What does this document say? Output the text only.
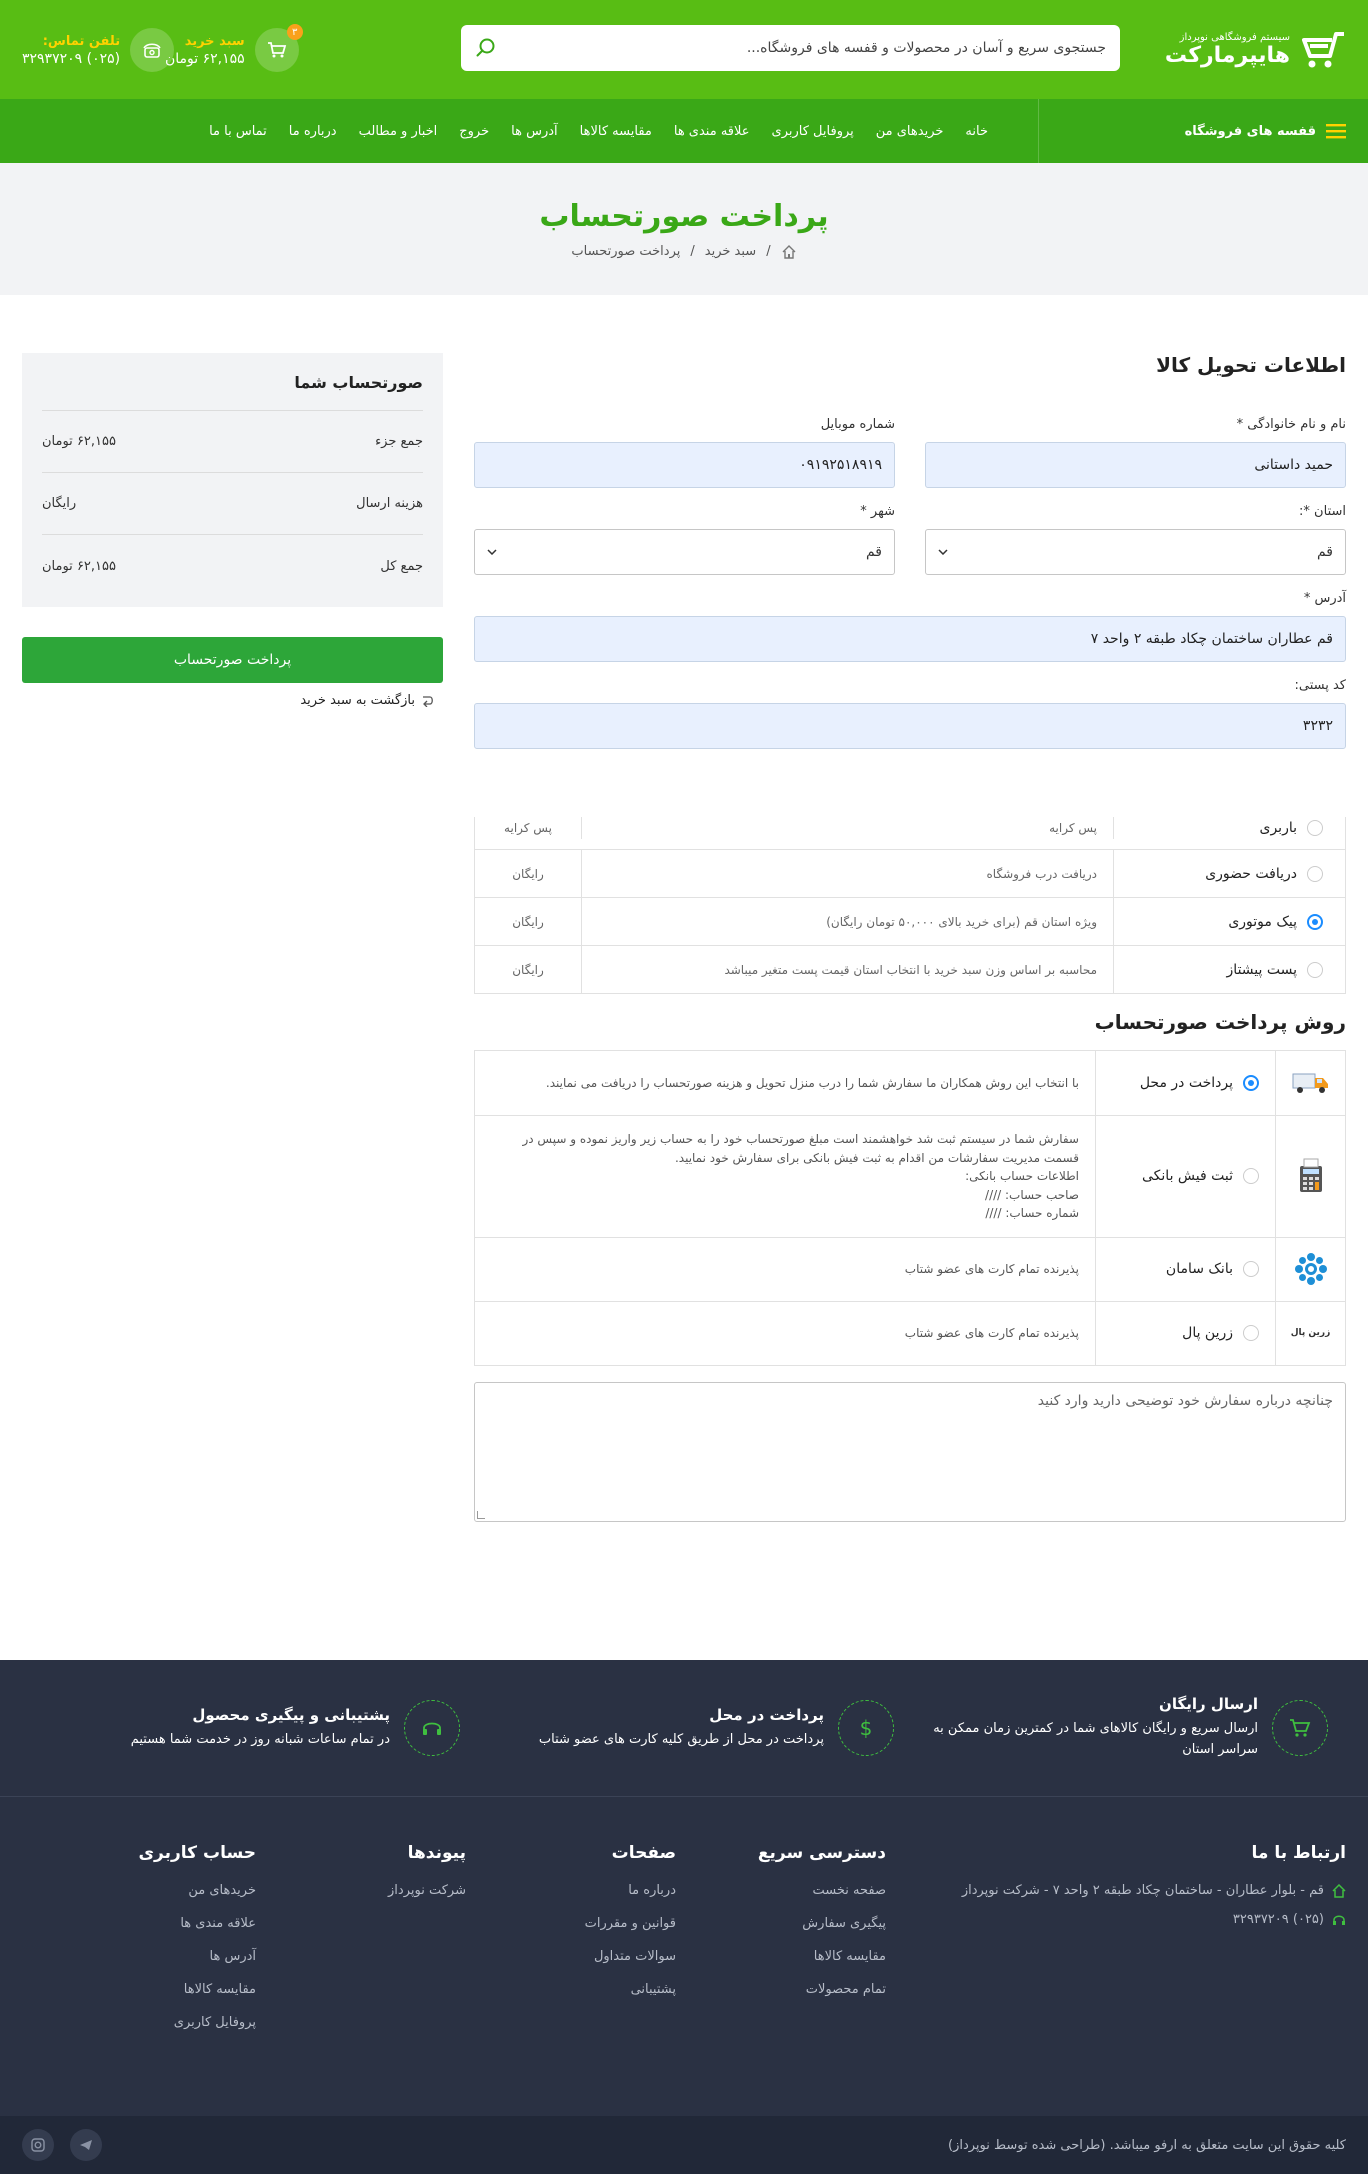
سیستم فروشگاهی نوپرداز
هایپرمارکت
جستجوی سریع و آسان در محصولات و قفسه های فروشگاه...
۳
سبد خرید
۶۲,۱۵۵ تومان
تلفن تماس:
(۰۲۵) ۳۲۹۳۷۲۰۹
قفسه های فروشگاه
خانه
خریدهای من
پروفایل کاربری
علاقه مندی ها
مقایسه کالاها
آدرس ها
خروج
اخبار و مطالب
درباره ما
تماس با ما
پرداخت صورتحساب
/
سبد خرید
/
پرداخت صورتحساب
صورتحساب شما
جمع جزء
۶۲,۱۵۵ تومان
هزینه ارسال
رایگان
جمع کل
۶۲,۱۵۵ تومان
پرداخت صورتحساب
بازگشت به سبد خرید
اطلاعات تحویل کالا
نام و نام خانوادگی *
حمید داستانی
شماره موبایل
۰۹۱۹۲۵۱۸۹۱۹
استان *:
قم
شهر *
قم
آدرس *
قم عطاران ساختمان چکاد طبقه ۲ واحد ۷
کد پستی:
۳۲۳۲
باربری
پس کرایه
پس کرایه
دریافت حضوری
دریافت درب فروشگاه
رایگان
پیک موتوری
ویژه استان قم (برای خرید بالای ۵۰,۰۰۰ تومان رایگان)
رایگان
پست پیشتاز
محاسبه بر اساس وزن سبد خرید با انتخاب استان قیمت پست متغیر میباشد
رایگان
روش پرداخت صورتحساب
پرداخت در محل
با انتخاب این روش همکاران ما سفارش شما را درب منزل تحویل و هزینه صورتحساب را دریافت می نمایند.
ثبت فیش بانکی
سفارش شما در سیستم ثبت شد خواهشمند است مبلغ صورتحساب خود را به حساب زیر واریز نموده و سپس در
قسمت مدیریت سفارشات من اقدام به ثبت فیش بانکی برای سفارش خود نمایید.
اطلاعات حساب بانکی:
صاحب حساب: ////
شماره حساب: ////
بانک سامان
پذیرنده تمام کارت های عضو شتاب
زرین پال
زرین پال
پذیرنده تمام کارت های عضو شتاب
چنانچه درباره سفارش خود توضیحی دارید وارد کنید
ارسال رایگان
ارسال سریع و رایگان کالاهای شما در کمترین زمان ممکن به سراسر استان
$
پرداخت در محل
پرداخت در محل از طریق کلیه کارت های عضو شتاب
پشتیبانی و پیگیری محصول
در تمام ساعات شبانه روز در خدمت شما هستیم
ارتباط با ما
قم - بلوار عطاران - ساختمان چکاد طبقه ۲ واحد ۷ - شرکت نوپرداز
(۰۲۵) ۳۲۹۳۷۲۰۹
دسترسی سریع
صفحه نخست
پیگیری سفارش
مقایسه کالاها
تمام محصولات
صفحات
درباره ما
قوانین و مقررات
سوالات متداول
پشتیبانی
پیوندها
شرکت نوپرداز
حساب کاربری
خریدهای من
علاقه مندی ها
آدرس ها
مقایسه کالاها
پروفایل کاربری
کلیه حقوق این سایت متعلق به ارفو میباشد. (طراحی شده توسط نوپرداز)
